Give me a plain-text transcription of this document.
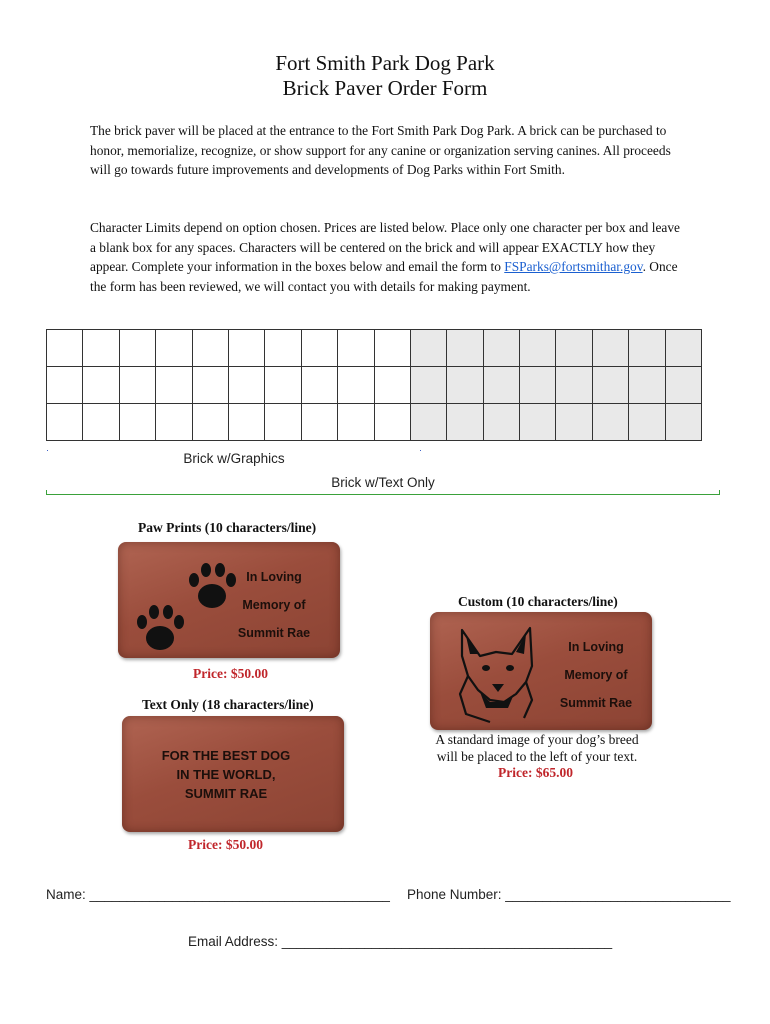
Fort Smith Park Dog Park
Brick Paver Order Form
The brick paver will be placed at the entrance to the Fort Smith Park Dog Park. A brick can be purchased to honor, memorialize, recognize, or show support for any canine or organization serving canines. All proceeds will go towards future improvements and developments of Dog Parks within Fort Smith.
Character Limits depend on option chosen. Prices are listed below. Place only one character per box and leave a blank box for any spaces. Characters will be centered on the brick and will appear EXACTLY how they appear. Complete your information in the boxes below and email the form to FSParks@fortsmithar.gov. Once the form has been reviewed, we will contact you with details for making payment.

Brick w/Graphics
Brick w/Text Only
Paw Prints (10 characters/line)
In Loving
Memory of
Summit Rae
Price: $50.00
Text Only (18 characters/line)
FOR THE BEST DOG
IN THE WORLD,
SUMMIT RAE
Price: $50.00
Custom (10 characters/line)
In Loving
Memory of
Summit Rae
A standard image of your dog’s breed
will be placed to the left of your text.
Price: $65.00
Name: ________________________________________ Phone Number: ______________________________
Email Address: ____________________________________________
